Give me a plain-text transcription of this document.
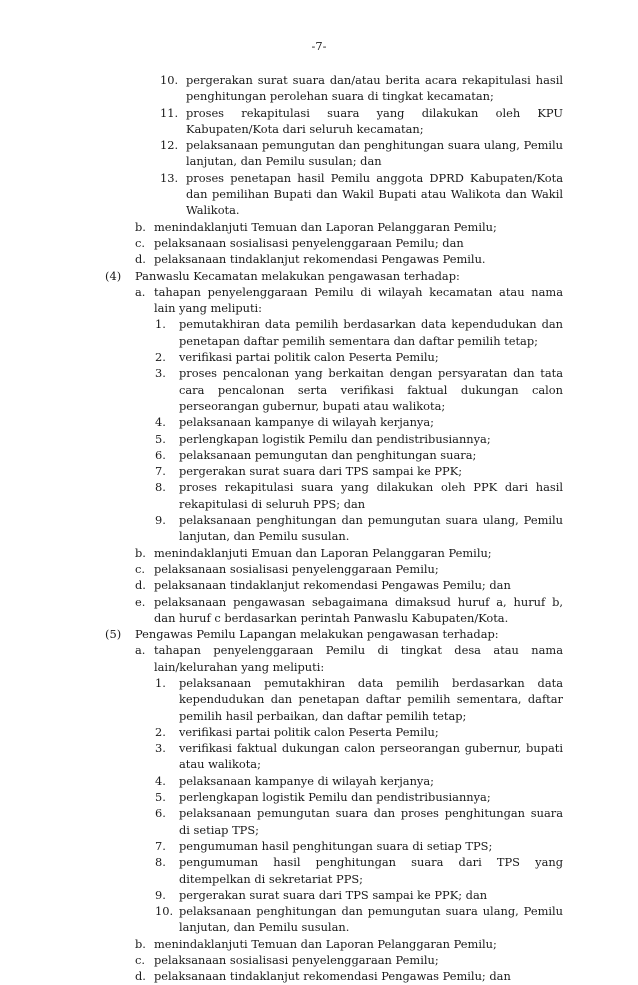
-7-
10. pergerakan surat suara dan/atau berita acara rekapitulasi hasil penghitungan perolehan suara di tingkat kecamatan;
11. proses rekapitulasi suara yang dilakukan oleh KPU Kabupaten/Kota dari seluruh kecamatan;
12. pelaksanaan pemungutan dan penghitungan suara ulang, Pemilu lanjutan, dan Pemilu susulan; dan
13. proses penetapan hasil Pemilu anggota DPRD Kabupaten/Kota dan pemilihan Bupati dan Wakil Bupati atau Walikota dan Wakil Walikota.
b. menindaklanjuti Temuan dan Laporan Pelanggaran Pemilu;
c. pelaksanaan sosialisasi penyelenggaraan Pemilu; dan
d. pelaksanaan tindaklanjut rekomendasi Pengawas Pemilu.
(4)	Panwaslu Kecamatan melakukan pengawasan terhadap:
a. tahapan penyelenggaraan Pemilu di wilayah kecamatan atau nama lain yang meliputi:
1.	pemutakhiran data pemilih berdasarkan data kependudukan dan penetapan daftar pemilih sementara dan daftar pemilih tetap;
2.	verifikasi partai politik calon Peserta Pemilu;
3.	proses pencalonan yang berkaitan dengan persyaratan dan tata cara pencalonan serta verifikasi faktual dukungan calon perseorangan gubernur, bupati atau walikota;
4.	pelaksanaan kampanye di wilayah kerjanya;
5.	perlengkapan logistik Pemilu dan pendistribusiannya;
6.	pelaksanaan pemungutan dan penghitungan suara;
7.	pergerakan surat suara dari TPS sampai ke PPK;
8.	proses rekapitulasi suara yang dilakukan oleh PPK dari hasil rekapitulasi di seluruh PPS; dan
9.	pelaksanaan penghitungan dan pemungutan suara ulang, Pemilu lanjutan, dan Pemilu susulan.
b. menindaklanjuti Emuan dan Laporan Pelanggaran Pemilu;
c. pelaksanaan sosialisasi penyelenggaraan Pemilu;
d. pelaksanaan tindaklanjut rekomendasi Pengawas Pemilu; dan
e. pelaksanaan pengawasan sebagaimana dimaksud huruf a, huruf b, dan huruf c berdasarkan perintah Panwaslu Kabupaten/Kota.
(5)	Pengawas Pemilu Lapangan melakukan pengawasan terhadap:
a. tahapan penyelenggaraan Pemilu di tingkat desa atau nama lain/kelurahan yang meliputi:
1.	pelaksanaan pemutakhiran data pemilih berdasarkan data kependudukan dan penetapan daftar pemilih sementara, daftar pemilih hasil perbaikan, dan daftar pemilih tetap;
2.	verifikasi partai politik calon Peserta Pemilu;
3.	verifikasi faktual dukungan calon perseorangan gubernur, bupati atau walikota;
4.	pelaksanaan kampanye di wilayah kerjanya;
5.	perlengkapan logistik Pemilu dan pendistribusiannya;
6.	pelaksanaan pemungutan suara dan proses penghitungan suara di setiap TPS;
7.	pengumuman hasil penghitungan suara di setiap TPS;
8.	pengumuman hasil penghitungan suara dari TPS yang ditempelkan di sekretariat PPS;
9.	pergerakan surat suara dari TPS sampai ke PPK; dan
10. pelaksanaan penghitungan dan pemungutan suara ulang, Pemilu lanjutan, dan Pemilu susulan.
b. menindaklanjuti Temuan dan Laporan Pelanggaran Pemilu;
c. pelaksanaan sosialisasi penyelenggaraan Pemilu;
d. pelaksanaan tindaklanjut rekomendasi Pengawas Pemilu; dan
